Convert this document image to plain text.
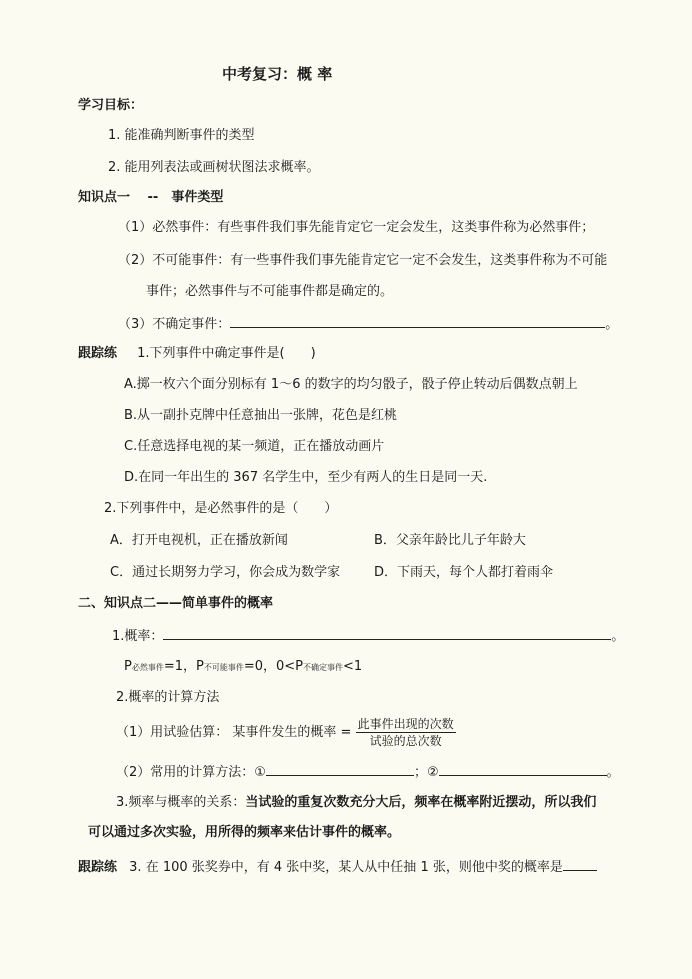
中考复习：概 率
学习目标：
1. 能准确判断事件的类型
2. 能用列表法或画树状图法求概率。
知识点一　 --　事件类型
（1）必然事件：有些事件我们事先能肯定它一定会发生，这类事件称为必然事件；
（2）不可能事件：有一些事件我们事先能肯定它一定不会发生，这类事件称为不可能
事件；必然事件与不可能事件都是确定的。
（3）不确定事件：	。
跟踪练 1.下列事件中确定事件是(　　)
A.掷一枚六个面分别标有 1～6 的数字的均匀骰子，骰子停止转动后偶数点朝上
B.从一副扑克牌中任意抽出一张牌，花色是红桃
C.任意选择电视的某一频道，正在播放动画片
D.在同一年出生的 367 名学生中，至少有两人的生日是同一天.
2.下列事件中，是必然事件的是（　　）
A．打开电视机，正在播放新闻	B．父亲年龄比儿子年龄大
C．通过长期努力学习，你会成为数学家	D．下雨天，每个人都打着雨伞
二、知识点二——简单事件的概率
1.概率：	。
P必然事件=1，P不可能事件=0，0<P不确定事件<1
2.概率的计算方法
（1）用试验估算： 某事件发生的概率 = $\frac{\text{此事件出现的次数}}{\text{试验的总次数}}$
（2）常用的计算方法：①	；②	。
3.频率与概率的关系：当试验的重复次数充分大后，频率在概率附近摆动，所以我们
可以通过多次实验，用所得的频率来估计事件的概率。
跟踪练 3. 在 100 张奖券中，有 4 张中奖，某人从中任抽 1 张，则他中奖的概率是
